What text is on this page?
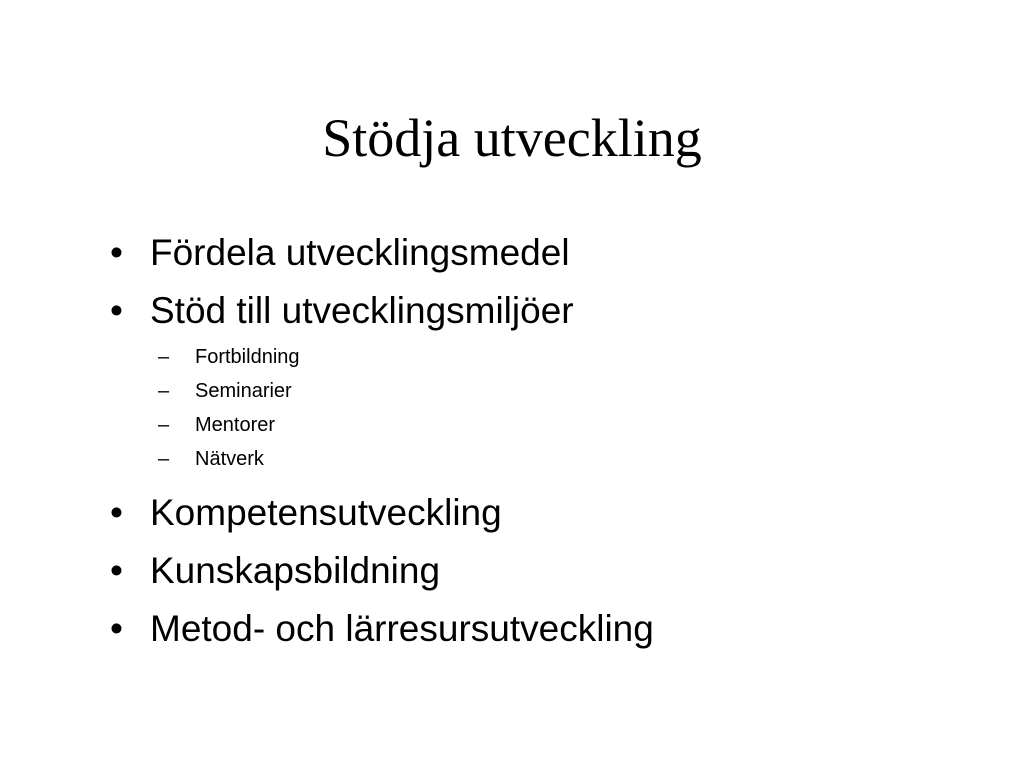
Stödja utveckling
• Fördela utvecklingsmedel
• Stöd till utvecklingsmiljöer
– Fortbildning
– Seminarier
– Mentorer
– Nätverk
• Kompetensutveckling
• Kunskapsbildning
• Metod- och lärresursutveckling
